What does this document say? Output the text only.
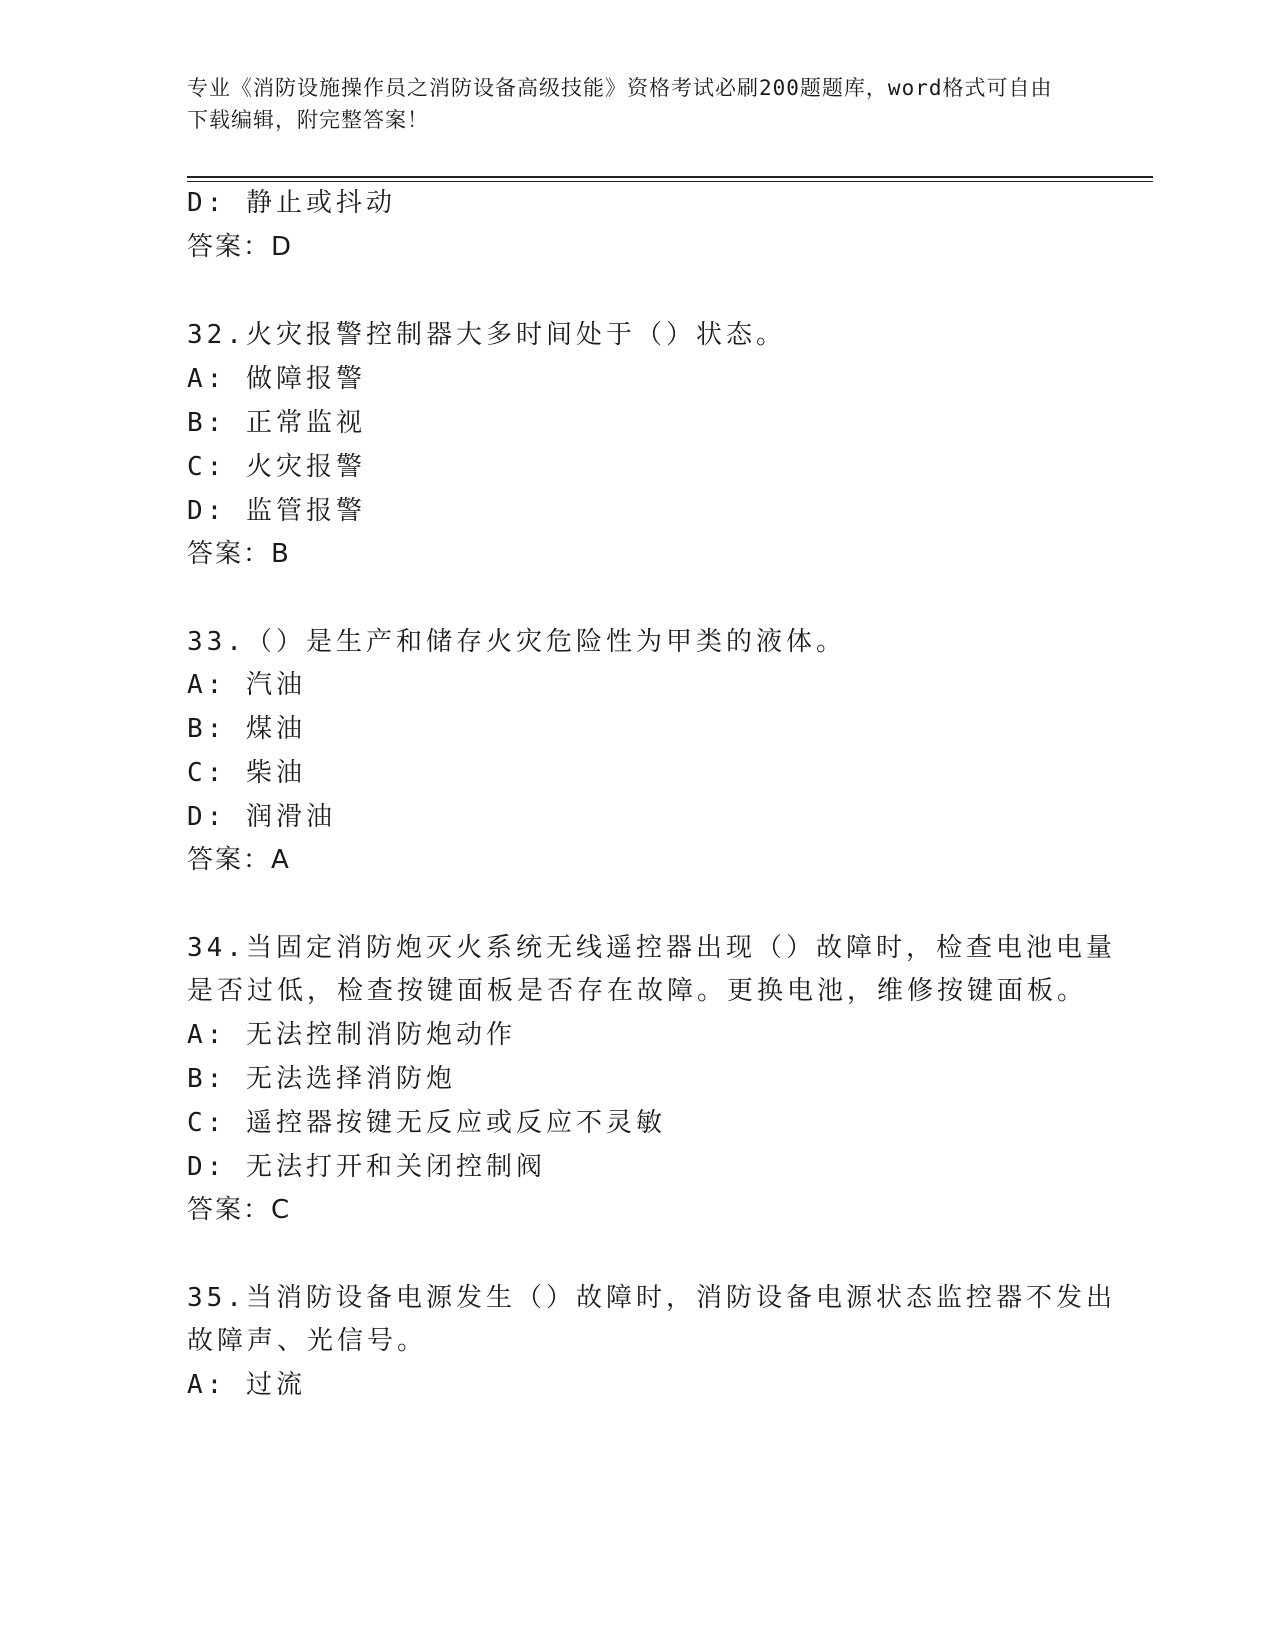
专业《消防设施操作员之消防设备高级技能》资格考试必刷200题题库，word格式可自由下载编辑，附完整答案！
D: 静止或抖动
答案：D
32.火灾报警控制器大多时间处于（）状态。
A: 做障报警
B: 正常监视
C: 火灾报警
D: 监管报警
答案：B
33.（）是生产和储存火灾危险性为甲类的液体。
A: 汽油
B: 煤油
C: 柴油
D: 润滑油
答案：A
34.当固定消防炮灭火系统无线遥控器出现（）故障时，检查电池电量
是否过低，检查按键面板是否存在故障。更换电池，维修按键面板。
A: 无法控制消防炮动作
B: 无法选择消防炮
C: 遥控器按键无反应或反应不灵敏
D: 无法打开和关闭控制阀
答案：C
35.当消防设备电源发生（）故障时，消防设备电源状态监控器不发出
故障声、光信号。
A: 过流
